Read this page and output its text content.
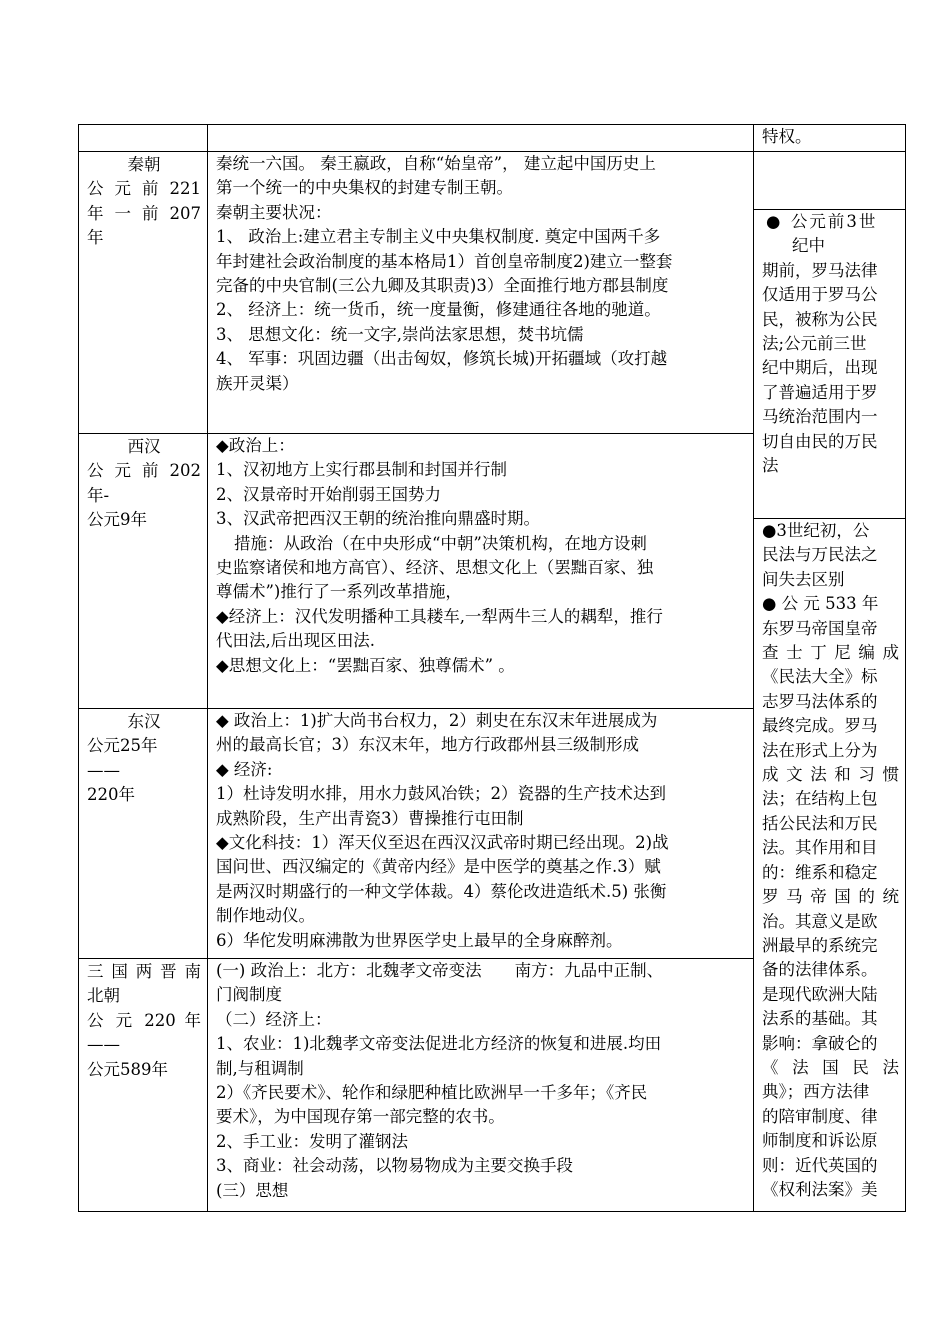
特权。
秦朝
公 元 前 221
年 一 前 207
年
秦统一六国。 秦王嬴政，自称“始皇帝”， 建立起中国历史上
第一个统一的中央集权的封建专制王朝。
秦朝主要状况：
1、 政治上:建立君主专制主义中央集权制度. 奠定中国两千多
年封建社会政治制度的基本格局1）首创皇帝制度2)建立一整套
完备的中央官制(三公九卿及其职责)3）全面推行地方郡县制度
2、 经济上：统一货币，统一度量衡，修建通往各地的驰道。
3、 思想文化：统一文字,崇尚法家思想，焚书坑儒
4、 军事：巩固边疆（出击匈奴，修筑长城)开拓疆域（攻打越
族开灵渠）
● 公元前3世
纪中
期前，罗马法律
仅适用于罗马公
民，被称为公民
法;公元前三世
纪中期后，出现
了普遍适用于罗
马统治范围内一
切自由民的万民
法
西汉
公 元 前 202
年-
公元9年
◆政治上：
1、汉初地方上实行郡县制和封国并行制
2、汉景帝时开始削弱王国势力
3、汉武帝把西汉王朝的统治推向鼎盛时期。
措施：从政治（在中央形成“中朝”决策机构，在地方设刺
史监察诸侯和地方高官）、经济、思想文化上（罢黜百家、独
尊儒术”)推行了一系列改革措施，
◆经济上：汉代发明播种工具耧车,一犁两牛三人的耦犁，推行
代田法,后出现区田法.
◆思想文化上：“罢黜百家、独尊儒术” 。
●3世纪初，公
民法与万民法之
间失去区别
● 公 元 533 年
东罗马帝国皇帝
查士丁尼编成
《民法大全》标
志罗马法体系的
最终完成。罗马
法在形式上分为
成文法和习惯
法；在结构上包
括公民法和万民
法。其作用和目
的：维系和稳定
罗马帝国的统
治。其意义是欧
洲最早的系统完
备的法律体系。
是现代欧洲大陆
法系的基础。其
影响：拿破仑的
《法国民法
典》；西方法律
的陪审制度、律
师制度和诉讼原
则：近代英国的
《权利法案》美
东汉
公元25年
——
220年
◆ 政治上：1)扩大尚书台权力，2）刺史在东汉末年进展成为
州的最高长官；3）东汉末年，地方行政郡州县三级制形成
◆ 经济:
1）杜诗发明水排，用水力鼓风冶铁；2）瓷器的生产技术达到
成熟阶段，生产出青瓷3）曹操推行屯田制
◆文化科技：1）浑天仪至迟在西汉汉武帝时期已经出现。2)战
国问世、西汉编定的《黄帝内经》是中医学的奠基之作.3）赋
是两汉时期盛行的一种文学体裁。4）蔡伦改进造纸术.5) 张衡
制作地动仪。
6）华佗发明麻沸散为世界医学史上最早的全身麻醉剂。
三 国 两 晋 南
北朝
公 元 220 年
——
公元589年
(一) 政治上：北方：北魏孝文帝变法　　南方：九品中正制、
门阀制度
（二）经济上：
1、农业：1)北魏孝文帝变法促进北方经济的恢复和进展.均田
制,与租调制
2）《齐民要术》、轮作和绿肥种植比欧洲早一千多年；《齐民
要术》，为中国现存第一部完整的农书。
2、手工业：发明了灌钢法
3、商业：社会动荡，以物易物成为主要交换手段
(三）思想
